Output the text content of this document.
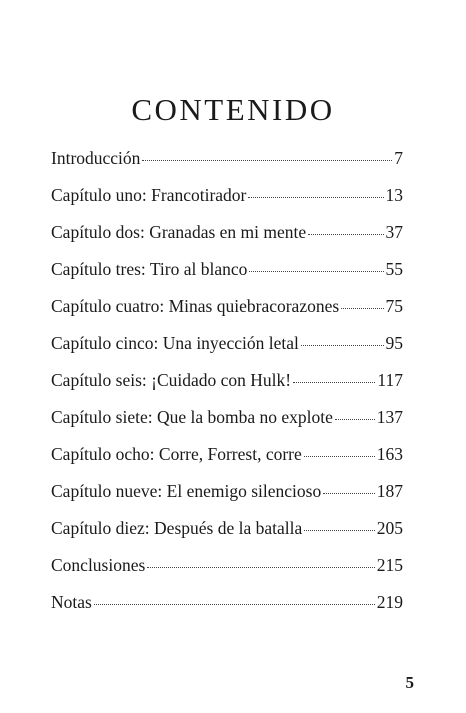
CONTENIDO
Introducción	7
Capítulo uno: Francotirador	13
Capítulo dos: Granadas en mi mente	37
Capítulo tres: Tiro al blanco	55
Capítulo cuatro: Minas quiebracorazones	75
Capítulo cinco: Una inyección letal	95
Capítulo seis: ¡Cuidado con Hulk!	117
Capítulo siete: Que la bomba no explote	137
Capítulo ocho: Corre, Forrest, corre	163
Capítulo nueve: El enemigo silencioso	187
Capítulo diez: Después de la batalla	205
Conclusiones	215
Notas	219
5
